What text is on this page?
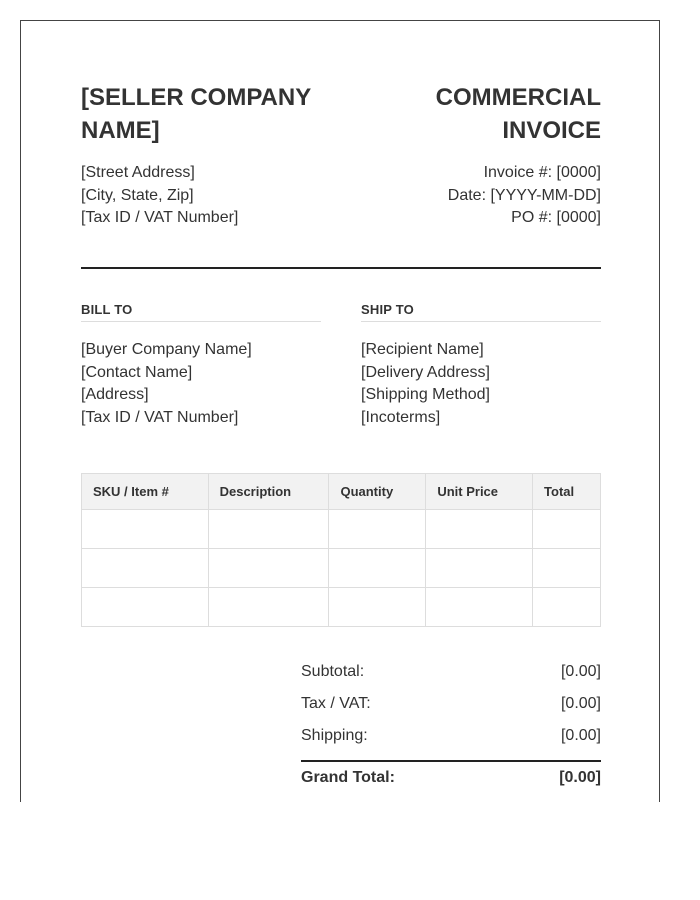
[SELLER COMPANY NAME]
COMMERCIAL INVOICE
[Street Address]
[City, State, Zip]
[Tax ID / VAT Number]
Invoice #: [0000]
Date: [YYYY-MM-DD]
PO #: [0000]
BILL TO
[Buyer Company Name]
[Contact Name]
[Address]
[Tax ID / VAT Number]
SHIP TO
[Recipient Name]
[Delivery Address]
[Shipping Method]
[Incoterms]
SKU / Item #	Description	Quantity	Unit Price	Total

Subtotal:	[0.00]
Tax / VAT:	[0.00]
Shipping:	[0.00]
Grand Total:	[0.00]
